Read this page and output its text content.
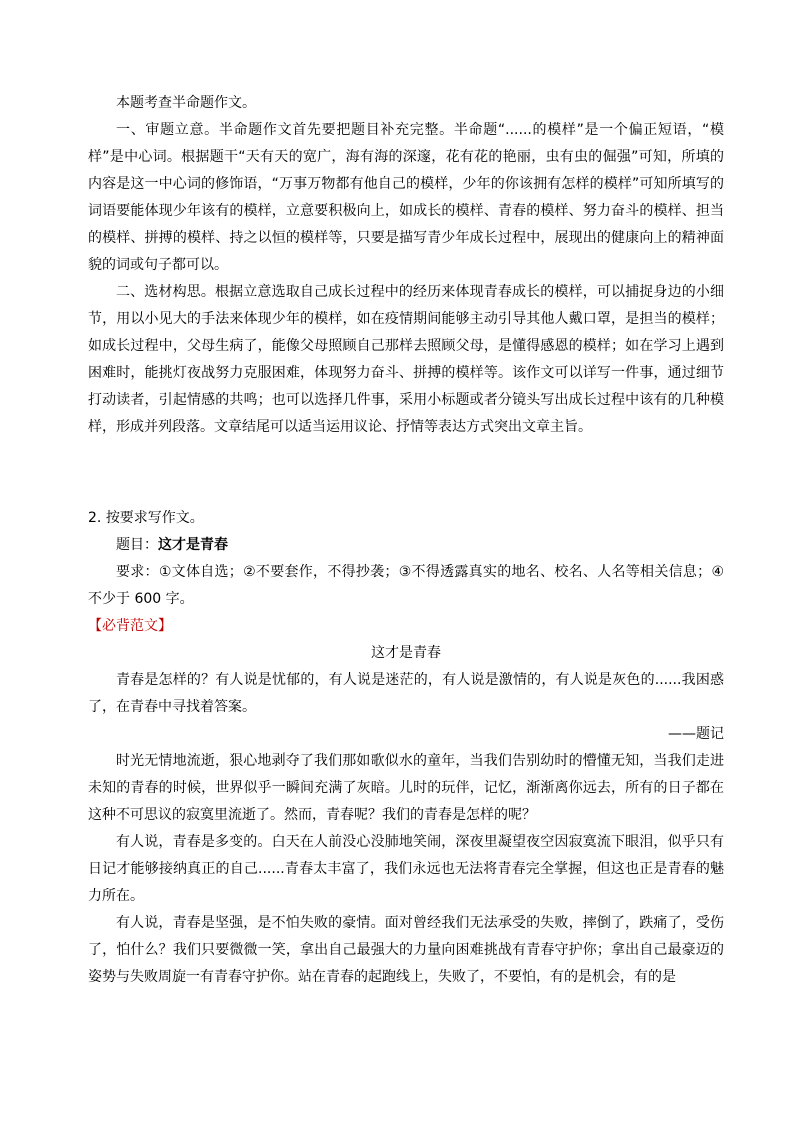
本题考查半命题作文。

一、审题立意。半命题作文首先要把题目补充完整。半命题“......的模样”是一个偏正短语，“模样”是中心词。根据题干“天有天的宽广，海有海的深邃，花有花的艳丽，虫有虫的倔强”可知，所填的内容是这一中心词的修饰语，“万事万物都有他自己的模样，少年的你该拥有怎样的模样”可知所填写的词语要能体现少年该有的模样，立意要积极向上，如成长的模样、青春的模样、努力奋斗的模样、担当的模样、拼搏的模样、持之以恒的模样等，只要是描写青少年成长过程中，展现出的健康向上的精神面貌的词或句子都可以。

二、选材构思。根据立意选取自己成长过程中的经历来体现青春成长的模样，可以捕捉身边的小细节，用以小见大的手法来体现少年的模样，如在疫情期间能够主动引导其他人戴口罩，是担当的模样；如成长过程中，父母生病了，能像父母照顾自己那样去照顾父母，是懂得感恩的模样；如在学习上遇到困难时，能挑灯夜战努力克服困难，体现努力奋斗、拼搏的模样等。该作文可以详写一件事，通过细节打动读者，引起情感的共鸣；也可以选择几件事，采用小标题或者分镜头写出成长过程中该有的几种模样，形成并列段落。文章结尾可以适当运用议论、抒情等表达方式突出文章主旨。

2. 按要求写作文。

题目：这才是青春

要求：①文体自选；②不要套作，不得抄袭；③不得透露真实的地名、校名、人名等相关信息；④不少于 600 字。

【必背范文】

这才是青春

青春是怎样的？有人说是忧郁的，有人说是迷茫的，有人说是激情的，有人说是灰色的......我困惑了，在青春中寻找着答案。

——题记

时光无情地流逝，狠心地剥夺了我们那如歌似水的童年，当我们告别幼时的懵懂无知，当我们走进未知的青春的时候，世界似乎一瞬间充满了灰暗。儿时的玩伴，记忆，渐渐离你远去，所有的日子都在这种不可思议的寂寞里流逝了。然而，青春呢？我们的青春是怎样的呢？

有人说，青春是多变的。白天在人前没心没肺地笑闹，深夜里凝望夜空因寂寞流下眼泪，似乎只有日记才能够接纳真正的自己......青春太丰富了，我们永远也无法将青春完全掌握，但这也正是青春的魅力所在。

有人说，青春是坚强，是不怕失败的豪情。面对曾经我们无法承受的失败，摔倒了，跌痛了，受伤了，怕什么？我们只要微微一笑，拿出自己最强大的力量向困难挑战有青春守护你；拿出自己最豪迈的姿势与失败周旋一有青春守护你。站在青春的起跑线上，失败了，不要怕，有的是机会，有的是
